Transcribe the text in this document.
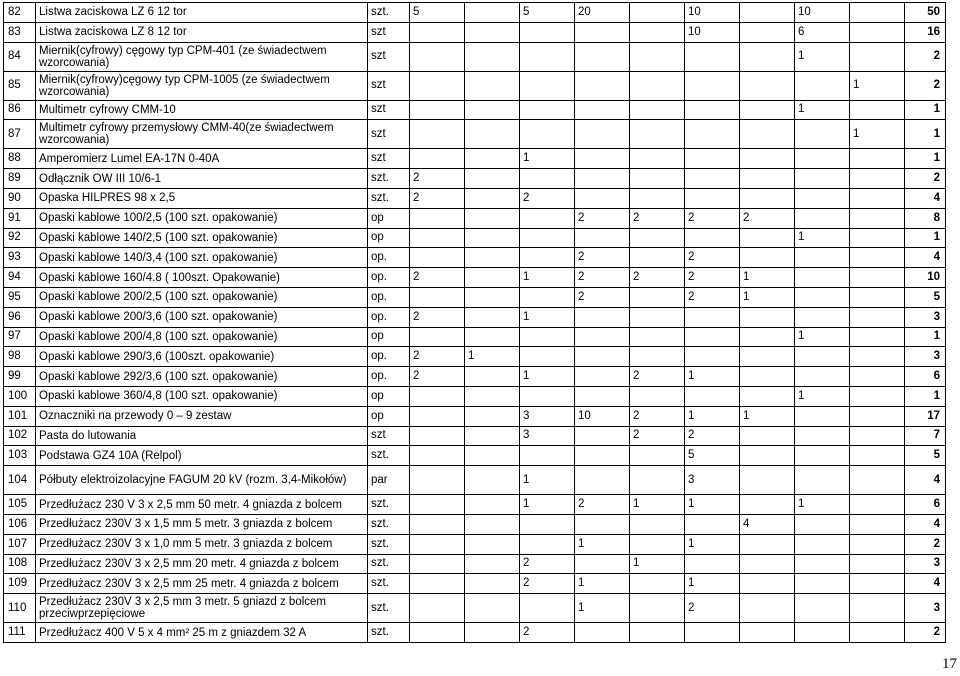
82	Listwa zaciskowa LZ 6 12 tor	szt.	5		5	20		10		10		50
83	Listwa zaciskowa LZ 8 12 tor	szt						10		6		16
84	Miernik(cyfrowy) cęgowy typ CPM-401 (ze świadectwem wzorcowania)	szt								1		2
85	Miernik(cyfrowy)cęgowy typ CPM-1005 (ze świadectwem wzorcowania)	szt									1	2
86	Multimetr cyfrowy CMM-10	szt								1		1
87	Multimetr cyfrowy przemysłowy CMM-40(ze świadectwem wzorcowania)	szt									1	1
88	Amperomierz Lumel EA-17N 0-40A	szt			1							1
89	Odłącznik OW III 10/6-1	szt.	2									2
90	Opaska HILPRES 98 x 2,5	szt.	2		2							4
91	Opaski kablowe 100/2,5 (100 szt. opakowanie)	op				2	2	2	2			8
92	Opaski kablowe 140/2,5 (100 szt. opakowanie)	op								1		1
93	Opaski kablowe 140/3,4 (100 szt. opakowanie)	op.				2		2				4
94	Opaski kablowe 160/4.8 ( 100szt. Opakowanie)	op.	2		1	2	2	2	1			10
95	Opaski kablowe 200/2,5 (100 szt. opakowanie)	op.				2		2	1			5
96	Opaski kablowe 200/3,6 (100 szt. opakowanie)	op.	2		1							3
97	Opaski kablowe 200/4,8 (100 szt. opakowanie)	op								1		1
98	Opaski kablowe 290/3,6 (100szt. opakowanie)	op.	2	1								3
99	Opaski kablowe 292/3,6 (100 szt. opakowanie)	op.	2		1		2	1				6
100	Opaski kablowe 360/4,8 (100 szt. opakowanie)	op								1		1
101	Oznaczniki na przewody 0 – 9 zestaw	op			3	10	2	1	1			17
102	Pasta do lutowania	szt			3		2	2				7
103	Podstawa GZ4 10A (Relpol)	szt.						5				5
104	Półbuty elektroizolacyjne FAGUM 20 kV (rozm. 3,4-Mikołów)	par			1			3				4
105	Przedłużacz 230 V 3 x 2,5 mm 50 metr. 4 gniazda z bolcem	szt.			1	2	1	1		1		6
106	Przedłużacz 230V 3 x 1,5 mm 5 metr. 3 gniazda z bolcem	szt.							4			4
107	Przedłużacz 230V 3 x 1,0 mm 5 metr. 3 gniazda z bolcem	szt.				1		1				2
108	Przedłużacz 230V 3 x 2,5 mm 20 metr. 4 gniazda z bolcem	szt.			2		1					3
109	Przedłużacz 230V 3 x 2,5 mm 25 metr. 4 gniazda z bolcem	szt.			2	1		1				4
110	Przedłużacz 230V 3 x 2,5 mm 3 metr. 5 gniazd z bolcem przeciwprzepięciowe	szt.				1		2				3
111	Przedłużacz 400 V 5 x 4 mm² 25 m z gniazdem 32 A	szt.			2							2
17
